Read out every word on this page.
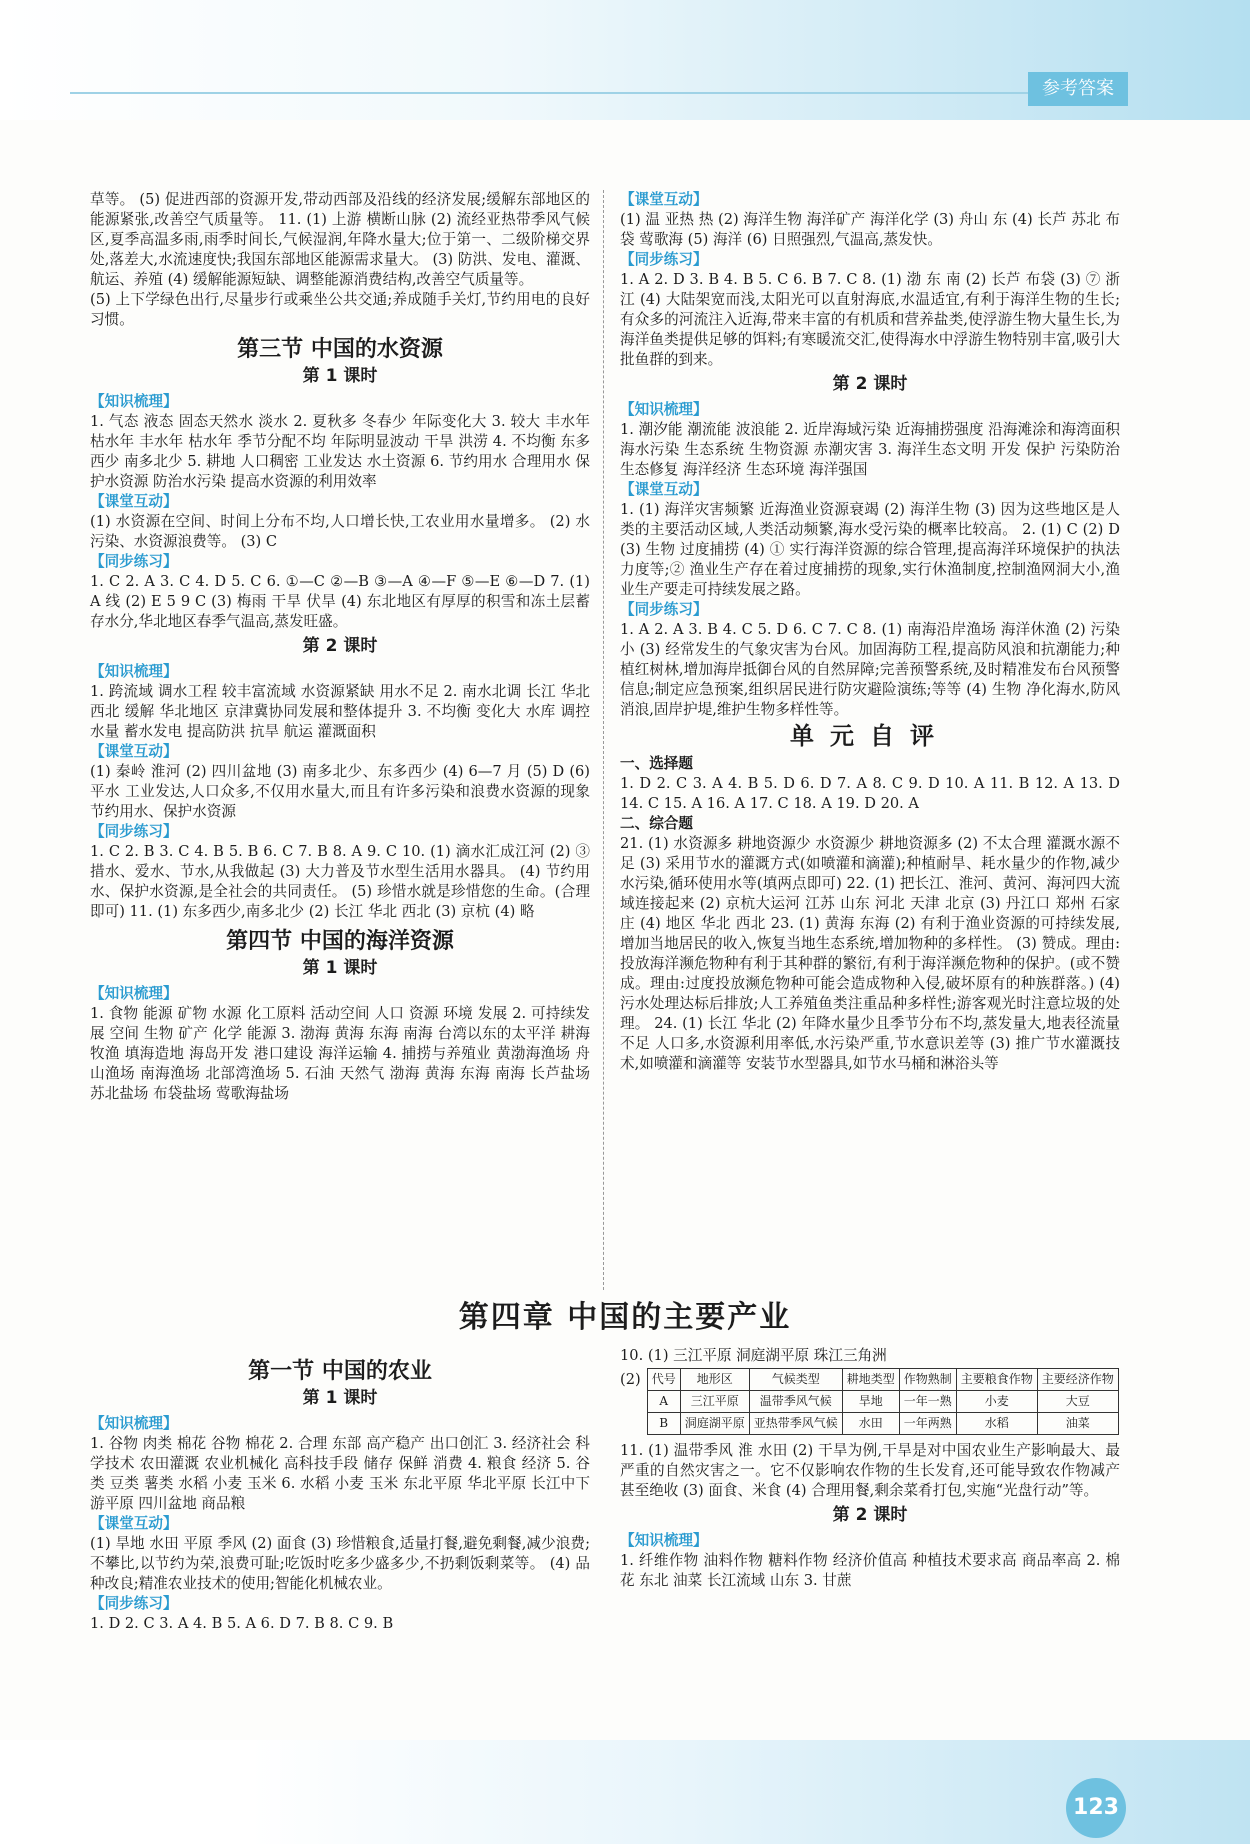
参考答案

草等。 (5) 促进西部的资源开发,带动西部及沿线的经济发展;缓解东部地区的能源紧张,改善空气质量等。 11. (1) 上游 横断山脉 (2) 流经亚热带季风气候区,夏季高温多雨,雨季时间长,气候湿润,年降水量大;位于第一、二级阶梯交界处,落差大,水流速度快;我国东部地区能源需求量大。 (3) 防洪、发电、灌溉、航运、养殖 (4) 缓解能源短缺、调整能源消费结构,改善空气质量等。

(5) 上下学绿色出行,尽量步行或乘坐公共交通;养成随手关灯,节约用电的良好习惯。

第三节 中国的水资源
第 1 课时

【 知识梳理 】

1. 气态 液态 固态天然水 淡水 2. 夏秋多 冬春少 年际变化大 3. 较大 丰水年 枯水年 丰水年 枯水年 季节分配不均 年际明显波动 干旱 洪涝 4. 不均衡 东多西少 南多北少 5. 耕地 人口稠密 工业发达 水土资源 6. 节约用水 合理用水 保护水资源 防治水污染 提高水资源的利用效率

【 课堂互动 】

(1) 水资源在空间、时间上分布不均,人口增长快,工农业用水量增多。 (2) 水污染、水资源浪费等。 (3) C

【 同步练习 】

1. C 2. A 3. C 4. D 5. C 6. ①—C ②—B ③—A ④—F ⑤—E ⑥—D 7. (1) A 线 (2) E 5 9 C (3) 梅雨 干旱 伏旱 (4) 东北地区有厚厚的积雪和冻土层蓄存水分,华北地区春季气温高,蒸发旺盛。

第 2 课时

【 知识梳理 】

1. 跨流域 调水工程 较丰富流域 水资源紧缺 用水不足 2. 南水北调 长江 华北 西北 缓解 华北地区 京津冀协同发展和整体提升 3. 不均衡 变化大 水库 调控水量 蓄水发电 提高防洪 抗旱 航运 灌溉面积

【 课堂互动 】

(1) 秦岭 淮河 (2) 四川盆地 (3) 南多北少、东多西少 (4) 6—7 月 (5) D (6) 平水 工业发达,人口众多,不仅用水量大,而且有许多污染和浪费水资源的现象 节约用水、保护水资源

【 同步练习 】

1. C 2. B 3. C 4. B 5. B 6. C 7. B 8. A 9. C 10. (1) 滴水汇成江河 (2) ③ 措水、爱水、节水,从我做起 (3) 大力普及节水型生活用水器具。 (4) 节约用水、保护水资源,是全社会的共同责任。 (5) 珍惜水就是珍惜您的生命。(合理即可) 11. (1) 东多西少,南多北少 (2) 长江 华北 西北 (3) 京杭 (4) 略

第四节 中国的海洋资源
第 1 课时

【 知识梳理 】

1. 食物 能源 矿物 水源 化工原料 活动空间 人口 资源 环境 发展 2. 可持续发展 空间 生物 矿产 化学 能源 3. 渤海 黄海 东海 南海 台湾以东的太平洋 耕海牧渔 填海造地 海岛开发 港口建设 海洋运输 4. 捕捞与养殖业 黄渤海渔场 舟山渔场 南海渔场 北部湾渔场 5. 石油 天然气 渤海 黄海 东海 南海 长芦盐场 苏北盐场 布袋盐场 莺歌海盐场

【 课堂互动 】

(1) 温 亚热 热 (2) 海洋生物 海洋矿产 海洋化学 (3) 舟山 东 (4) 长芦 苏北 布袋 莺歌海 (5) 海洋 (6) 日照强烈,气温高,蒸发快。

【 同步练习 】

1. A 2. D 3. B 4. B 5. C 6. B 7. C 8. (1) 渤 东 南 (2) 长芦 布袋 (3) ⑦ 浙江 (4) 大陆架宽而浅,太阳光可以直射海底,水温适宜,有利于海洋生物的生长;有众多的河流注入近海,带来丰富的有机质和营养盐类,使浮游生物大量生长,为海洋鱼类提供足够的饵料;有寒暖流交汇,使得海水中浮游生物特别丰富,吸引大批鱼群的到来。

第 2 课时

【 知识梳理 】

1. 潮汐能 潮流能 波浪能 2. 近岸海域污染 近海捕捞强度 沿海滩涂和海湾面积 海水污染 生态系统 生物资源 赤潮灾害 3. 海洋生态文明 开发 保护 污染防治 生态修复 海洋经济 生态环境 海洋强国

【 课堂互动 】

1. (1) 海洋灾害频繁 近海渔业资源衰竭 (2) 海洋生物 (3) 因为这些地区是人类的主要活动区域,人类活动频繁,海水受污染的概率比较高。 2. (1) C (2) D (3) 生物 过度捕捞 (4) ① 实行海洋资源的综合管理,提高海洋环境保护的执法力度等;② 渔业生产存在着过度捕捞的现象,实行休渔制度,控制渔网洞大小,渔业生产要走可持续发展之路。

【 同步练习 】

1. A 2. A 3. B 4. C 5. D 6. C 7. C 8. (1) 南海沿岸渔场 海洋休渔 (2) 污染小 (3) 经常发生的气象灾害为台风。加固海防工程,提高防风浪和抗潮能力;种植红树林,增加海岸抵御台风的自然屏障;完善预警系统,及时精准发布台风预警信息;制定应急预案,组织居民进行防灾避险演练;等等 (4) 生物 净化海水,防风消浪,固岸护堤,维护生物多样性等。

单元自评

一、选择题

1. D 2. C 3. A 4. B 5. D 6. D 7. A 8. C 9. D 10. A 11. B 12. A 13. D 14. C 15. A 16. A 17. C 18. A 19. D 20. A

二、综合题

21. (1) 水资源多 耕地资源少 水资源少 耕地资源多 (2) 不太合理 灌溉水源不足 (3) 采用节水的灌溉方式(如喷灌和滴灌);种植耐旱、耗水量少的作物,减少水污染,循环使用水等(填两点即可) 22. (1) 把长江、淮河、黄河、海河四大流域连接起来 (2) 京杭大运河 江苏 山东 河北 天津 北京 (3) 丹江口 郑州 石家庄 (4) 地区 华北 西北 23. (1) 黄海 东海 (2) 有利于渔业资源的可持续发展,增加当地居民的收入,恢复当地生态系统,增加物种的多样性。 (3) 赞成。理由:投放海洋濒危物种有利于其种群的繁衍,有利于海洋濒危物种的保护。(或不赞成。理由:过度投放濒危物种可能会造成物种入侵,破坏原有的种族群落。) (4) 污水处理达标后排放;人工养殖鱼类注重品种多样性;游客观光时注意垃圾的处理。 24. (1) 长江 华北 (2) 年降水量少且季节分布不均,蒸发量大,地表径流量不足 人口多,水资源利用率低,水污染严重,节水意识差等 (3) 推广节水灌溉技术,如喷灌和滴灌等 安装节水型器具,如节水马桶和淋浴头等

第四章 中国的主要产业
第一节 中国的农业
第 1 课时

【 知识梳理 】

1. 谷物 肉类 棉花 谷物 棉花 2. 合理 东部 高产稳产 出口创汇 3. 经济社会 科学技术 农田灌溉 农业机械化 高科技手段 储存 保鲜 消费 4. 粮食 经济 5. 谷类 豆类 薯类 水稻 小麦 玉米 6. 水稻 小麦 玉米 东北平原 华北平原 长江中下游平原 四川盆地 商品粮

【 课堂互动 】

(1) 旱地 水田 平原 季风 (2) 面食 (3) 珍惜粮食,适量打餐,避免剩餐,减少浪费;不攀比,以节约为荣,浪费可耻;吃饭时吃多少盛多少,不扔剩饭剩菜等。 (4) 品种改良;精准农业技术的使用;智能化机械农业。

【 同步练习 】

1. D 2. C 3. A 4. B 5. A 6. D 7. B 8. C 9. B

10. (1) 三江平原 洞庭湖平原 珠江三角洲

(2) 代号	地形区	气候类型	耕地类型	作物熟制	主要粮食作物	主要经济作物
A	三江平原	温带季风气候	旱地	一年一熟	小麦	大豆
B	洞庭湖平原	亚热带季风气候	水田	一年两熟	水稻	油菜

11. (1) 温带季风 淮 水田 (2) 干旱为例,干旱是对中国农业生产影响最大、最严重的自然灾害之一。它不仅影响农作物的生长发育,还可能导致农作物减产甚至绝收 (3) 面食、米食 (4) 合理用餐,剩余菜肴打包,实施“光盘行动”等。

第 2 课时

【 知识梳理 】

1. 纤维作物 油料作物 糖料作物 经济价值高 种植技术要求高 商品率高 2. 棉花 东北 油菜 长江流域 山东 3. 甘蔗

123
